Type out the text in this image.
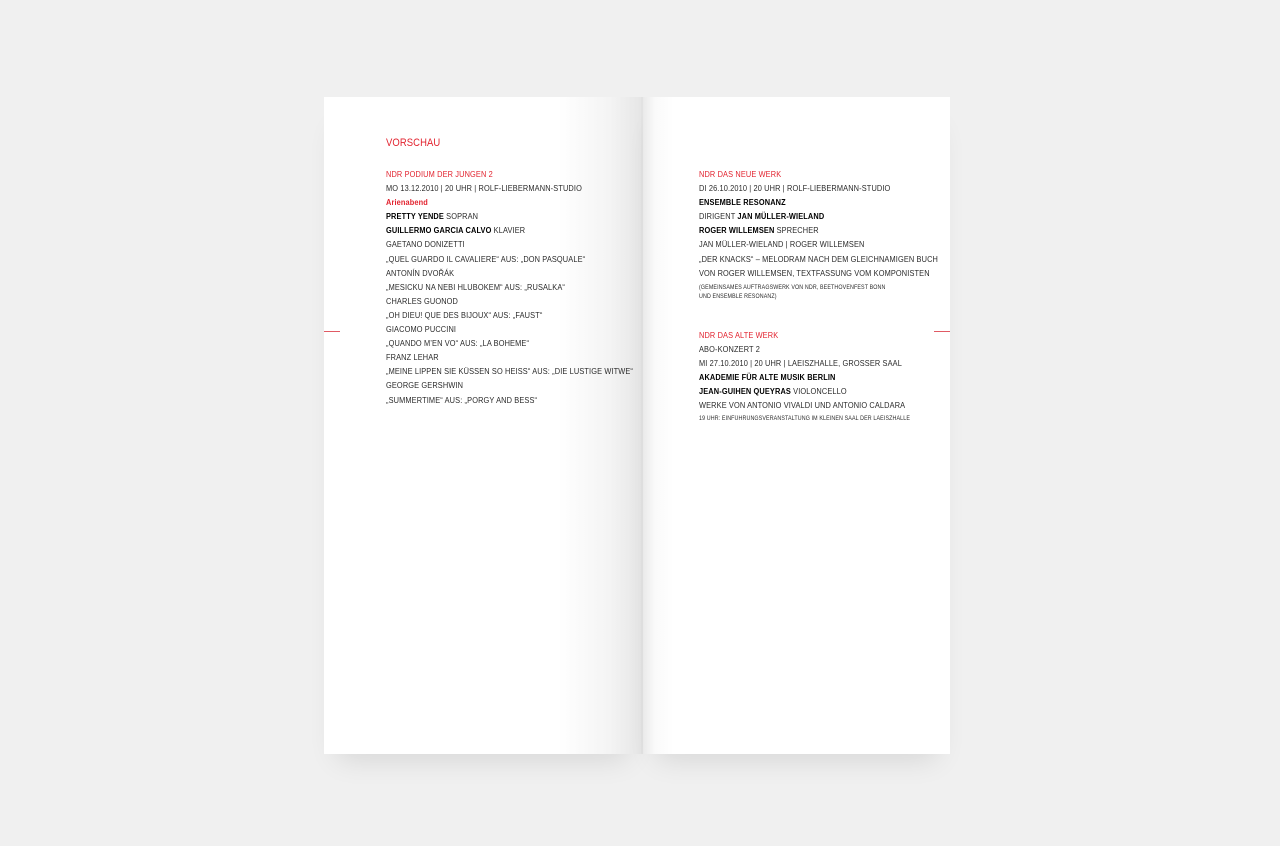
VORSCHAU
NDR PODIUM DER JUNGEN 2
MO 13.12.2010 | 20 UHR | ROLF-LIEBERMANN-STUDIO
Arienabend
PRETTY YENDE SOPRAN
GUILLERMO GARCIA CALVO KLAVIER
GAETANO DONIZETTI
„QUEL GUARDO IL CAVALIERE“ AUS: „DON PASQUALE“
ANTONÍN DVOŘÁK
„MESICKU NA NEBI HLUBOKEM“ AUS: „RUSALKA“
CHARLES GUONOD
„OH DIEU! QUE DES BIJOUX“ AUS: „FAUST“
GIACOMO PUCCINI
„QUANDO M’EN VO“ AUS: „LA BOHEME“
FRANZ LEHAR
„MEINE LIPPEN SIE KÜSSEN SO HEISS“ AUS: „DIE LUSTIGE WITWE“
GEORGE GERSHWIN
„SUMMERTIME“ AUS: „PORGY AND BESS“
NDR DAS NEUE WERK
DI 26.10.2010 | 20 UHR | ROLF-LIEBERMANN-STUDIO
ENSEMBLE RESONANZ
DIRIGENT JAN MÜLLER-WIELAND
ROGER WILLEMSEN SPRECHER
JAN MÜLLER-WIELAND | ROGER WILLEMSEN
„DER KNACKS“ – MELODRAM NACH DEM GLEICHNAMIGEN BUCH
VON ROGER WILLEMSEN, TEXTFASSUNG VOM KOMPONISTEN
(GEMEINSAMES AUFTRAGSWERK VON NDR, BEETHOVENFEST BONN
UND ENSEMBLE RESONANZ)
NDR DAS ALTE WERK
ABO-KONZERT 2
MI 27.10.2010 | 20 UHR | LAEISZHALLE, GROSSER SAAL
AKADEMIE FÜR ALTE MUSIK BERLIN
JEAN-GUIHEN QUEYRAS VIOLONCELLO
WERKE VON ANTONIO VIVALDI UND ANTONIO CALDARA
19 UHR: EINFÜHRUNGSVERANSTALTUNG IM KLEINEN SAAL DER LAEISZHALLE
